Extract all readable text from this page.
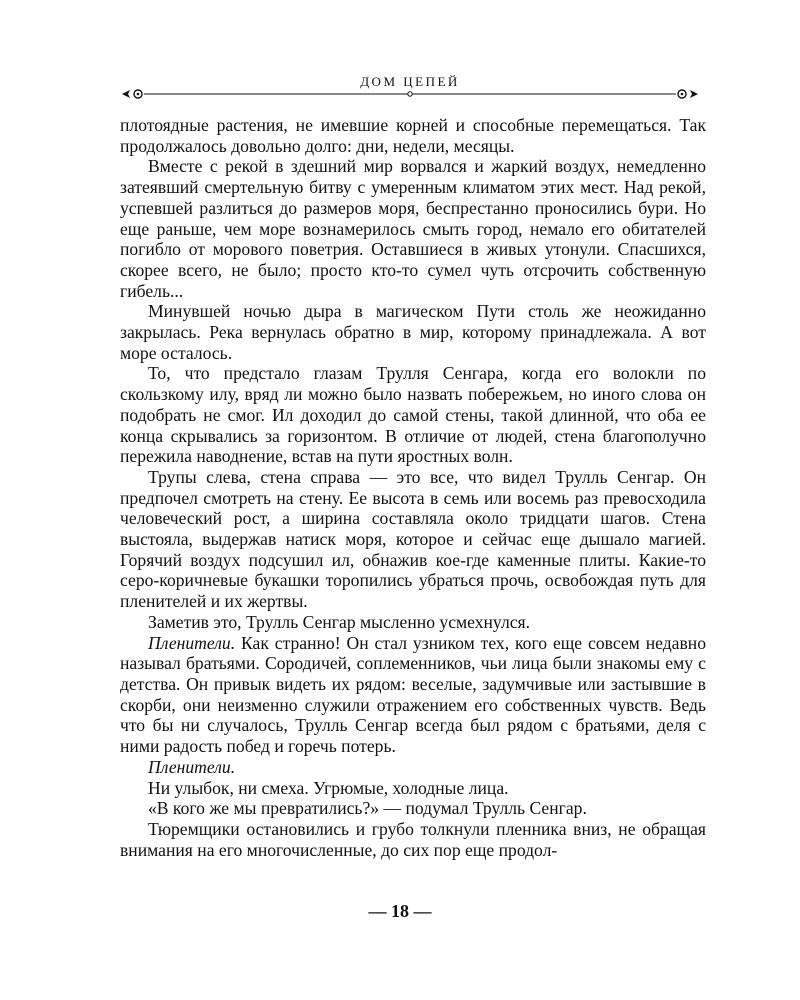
ДОМ ЦЕПЕЙ

плотоядные растения, не имевшие корней и способные перемещаться. Так продолжалось довольно долго: дни, недели, месяцы.

Вместе с рекой в здешний мир ворвался и жаркий воздух, немедленно затеявший смертельную битву с умеренным климатом этих мест. Над рекой, успевшей разлиться до размеров моря, беспрестанно проносились бури. Но еще раньше, чем море вознамерилось смыть город, немало его обитателей погибло от морового поветрия. Оставшиеся в живых утонули. Спасшихся, скорее всего, не было; просто кто-то сумел чуть отсрочить собственную гибель...

Минувшей ночью дыра в магическом Пути столь же неожиданно закрылась. Река вернулась обратно в мир, которому принадлежала. А вот море осталось.

То, что предстало глазам Трулля Сенгара, когда его волокли по скользкому илу, вряд ли можно было назвать побережьем, но иного слова он подобрать не смог. Ил доходил до самой стены, такой длинной, что оба ее конца скрывались за горизонтом. В отличие от людей, стена благополучно пережила наводнение, встав на пути яростных волн.

Трупы слева, стена справа — это все, что видел Трулль Сенгар. Он предпочел смотреть на стену. Ее высота в семь или восемь раз превосходила человеческий рост, а ширина составляла около тридцати шагов. Стена выстояла, выдержав натиск моря, которое и сейчас еще дышало магией. Горячий воздух подсушил ил, обнажив кое-где каменные плиты. Какие-то серо-коричневые букашки торопились убраться прочь, освобождая путь для пленителей и их жертвы.

Заметив это, Трулль Сенгар мысленно усмехнулся.

Пленители. Как странно! Он стал узником тех, кого еще совсем недавно называл братьями. Сородичей, соплеменников, чьи лица были знакомы ему с детства. Он привык видеть их рядом: веселые, задумчивые или застывшие в скорби, они неизменно служили отражением его собственных чувств. Ведь что бы ни случалось, Трулль Сенгар всегда был рядом с братьями, деля с ними радость побед и горечь потерь.

Пленители.

Ни улыбок, ни смеха. Угрюмые, холодные лица.

«В кого же мы превратились?» — подумал Трулль Сенгар.

Тюремщики остановились и грубо толкнули пленника вниз, не обращая внимания на его многочисленные, до сих пор еще продол-

— 18 —
